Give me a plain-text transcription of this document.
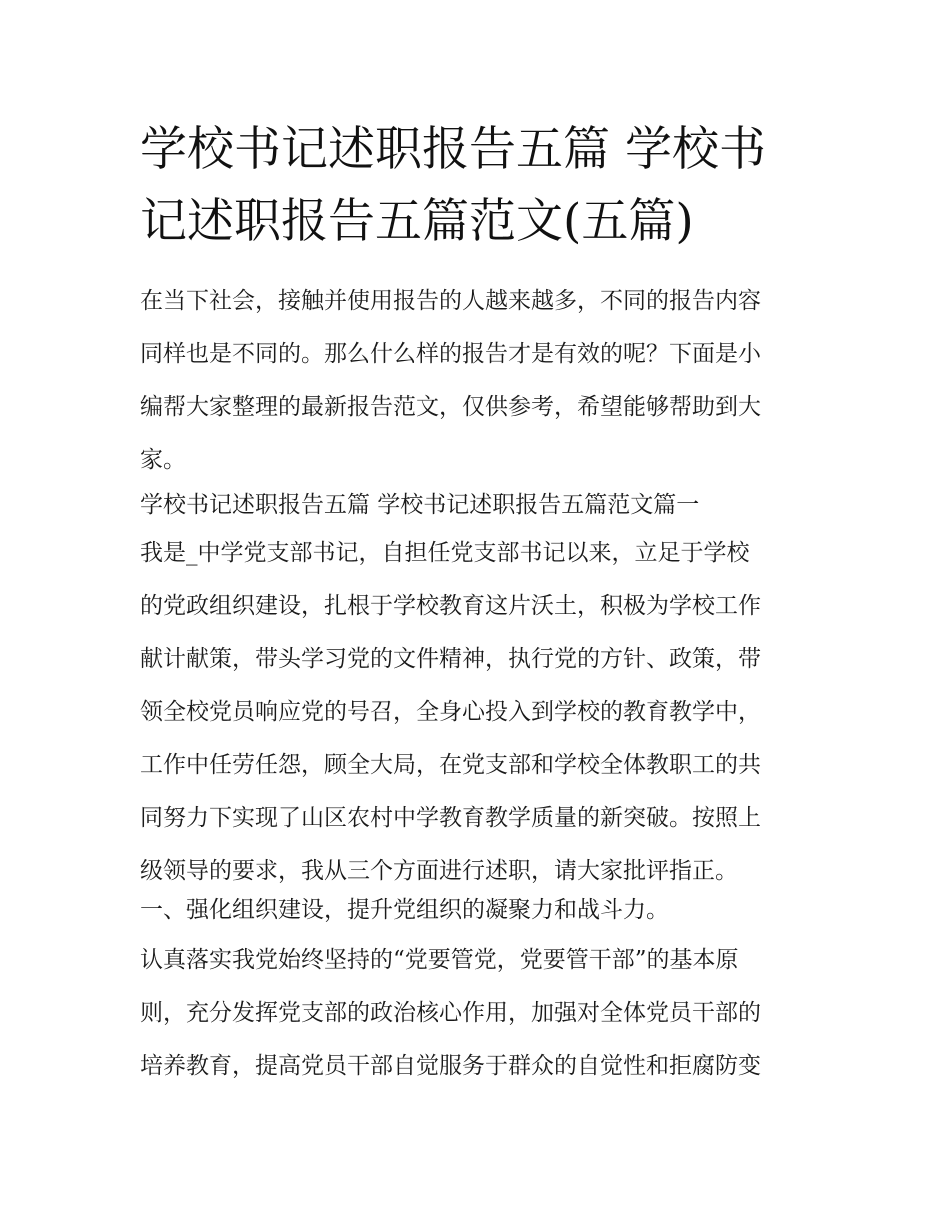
学校书记述职报告五篇 学校书
记述职报告五篇范文(五篇)

在当下社会，接触并使用报告的人越来越多，不同的报告内容
同样也是不同的。那么什么样的报告才是有效的呢？下面是小
编帮大家整理的最新报告范文，仅供参考，希望能够帮助到大
家。

学校书记述职报告五篇 学校书记述职报告五篇范文篇一

我是_中学党支部书记，自担任党支部书记以来，立足于学校
的党政组织建设，扎根于学校教育这片沃土，积极为学校工作
献计献策，带头学习党的文件精神，执行党的方针、政策，带
领全校党员响应党的号召，全身心投入到学校的教育教学中，
工作中任劳任怨，顾全大局，在党支部和学校全体教职工的共
同努力下实现了山区农村中学教育教学质量的新突破。按照上
级领导的要求，我从三个方面进行述职，请大家批评指正。

一、强化组织建设，提升党组织的凝聚力和战斗力。

认真落实我党始终坚持的“党要管党，党要管干部”的基本原
则，充分发挥党支部的政治核心作用，加强对全体党员干部的
培养教育，提高党员干部自觉服务于群众的自觉性和拒腐防变
